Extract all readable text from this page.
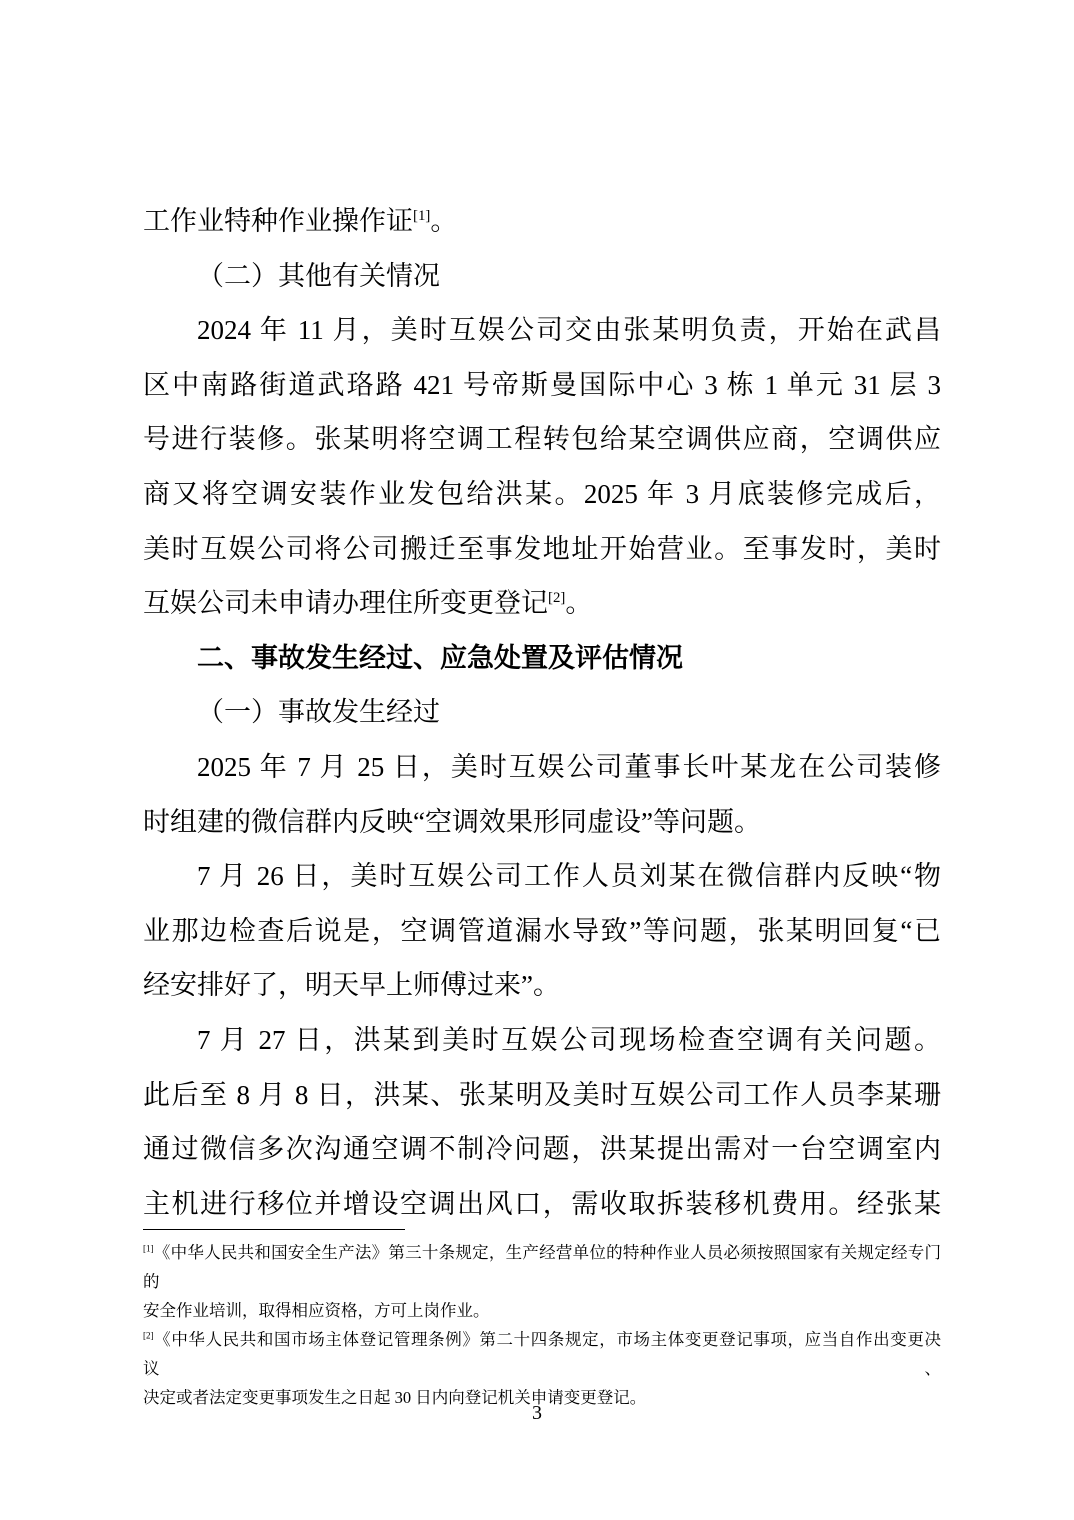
工作业特种作业操作证[1]。
（二）其他有关情况
2024 年 11 月，美时互娱公司交由张某明负责，开始在武昌
区中南路街道武珞路 421 号帝斯曼国际中心 3 栋 1 单元 31 层 3
号进行装修。张某明将空调工程转包给某空调供应商，空调供应
商又将空调安装作业发包给洪某。2025 年 3 月底装修完成后，
美时互娱公司将公司搬迁至事发地址开始营业。至事发时，美时
互娱公司未申请办理住所变更登记[2]。
二、事故发生经过、应急处置及评估情况
（一）事故发生经过
2025 年 7 月 25 日，美时互娱公司董事长叶某龙在公司装修
时组建的微信群内反映“空调效果形同虚设”等问题。
7 月 26 日，美时互娱公司工作人员刘某在微信群内反映“物
业那边检查后说是，空调管道漏水导致”等问题，张某明回复“已
经安排好了，明天早上师傅过来”。
7 月 27 日，洪某到美时互娱公司现场检查空调有关问题。
此后至 8 月 8 日，洪某、张某明及美时互娱公司工作人员李某珊
通过微信多次沟通空调不制冷问题，洪某提出需对一台空调室内
主机进行移位并增设空调出风口，需收取拆装移机费用。经张某
[1]《中华人民共和国安全生产法》第三十条规定，生产经营单位的特种作业人员必须按照国家有关规定经专门的
安全作业培训，取得相应资格，方可上岗作业。
[2]《中华人民共和国市场主体登记管理条例》第二十四条规定，市场主体变更登记事项，应当自作出变更决议、
决定或者法定变更事项发生之日起 30 日内向登记机关申请变更登记。
3
